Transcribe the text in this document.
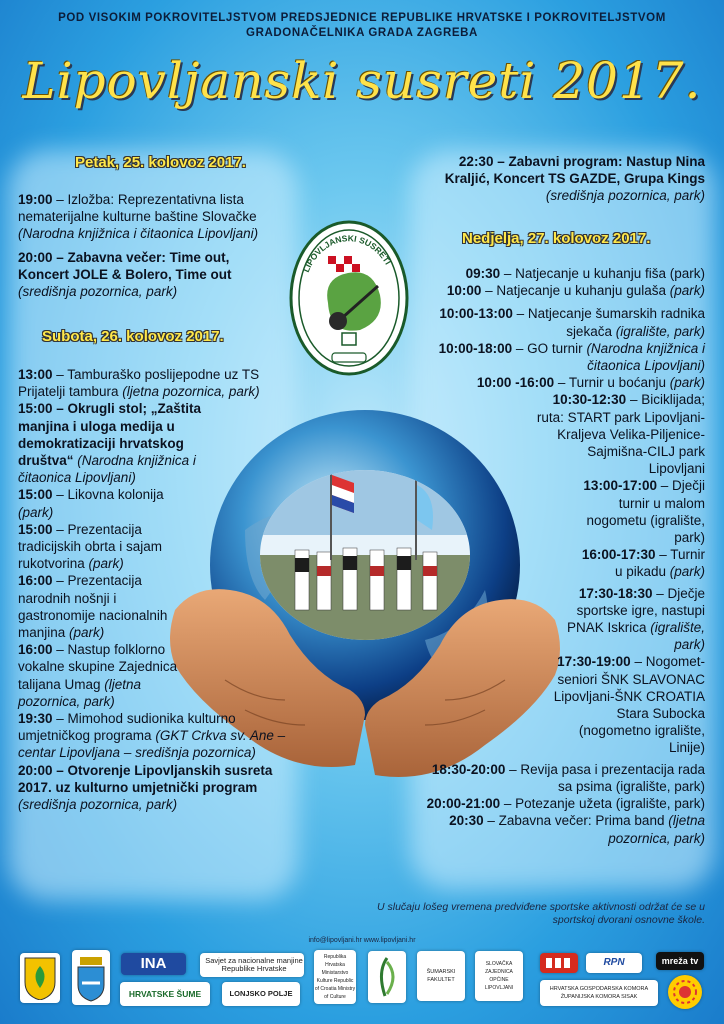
POD VISOKIM POKROVITELJSTVOM PREDSJEDNICE REPUBLIKE HRVATSKE I POKROVITELJSTVOM
GRADONAČELNIKA GRADA ZAGREBA
Lipovljanski susreti 2017.
LIPOVLJANSKI SUSRETI
Petak, 25. kolovoz 2017.

19:00 – Izložba: Reprezentativna lista nematerijalne kulturne baštine Slovačke (Narodna knjižnica i čitaonica Lipovljani)

20:00 – Zabavna večer: Time out, Koncert JOLE & Bolero, Time out (središnja pozornica, park)

Subota, 26. kolovoz 2017.

13:00 – Tamburaško poslijepodne uz TS Prijatelji tambura (ljetna pozornica, park)

15:00 – Okrugli stol; „Zaštita manjina i uloga medija u demokratizaciji hrvatskog društva“ (Narodna knjižnica i čitaonica Lipovljani)

15:00 – Likovna kolonija (park)

15:00 – Prezentacija tradicijskih obrta i sajam rukotvorina (park)

16:00 – Prezentacija narodnih nošnji i gastronomije nacionalnih manjina (park)

16:00 – Nastup folklorno vokalne skupine Zajednica talijana Umag (ljetna pozornica, park)

19:30 – Mimohod sudionika kulturno umjetničkog programa (GKT Crkva sv. Ane – centar Lipovljana – središnja pozornica)

20:00 – Otvorenje Lipovljanskih susreta 2017. uz kulturno umjetnički program (središnja pozornica, park)

22:30 – Zabavni program: Nastup Nina Kraljić, Koncert TS GAZDE, Grupa Kings

(središnja pozornica, park)

Nedjelja, 27. kolovoz 2017.

09:30 – Natjecanje u kuhanju fiša (park)

10:00 – Natjecanje u kuhanju gulaša (park)

10:00-13:00 – Natjecanje šumarskih radnika sjekača (igralište, park)

10:00-18:00 – GO turnir (Narodna knjižnica i čitaonica Lipovljani)

10:00 -16:00 – Turnir u boćanju (park)

10:30-12:30 – Biciklijada; ruta: START park Lipovljani-Kraljeva Velika-Piljenice-Sajmišna-CILJ park Lipovljani

13:00-17:00 – Dječji turnir u malom nogometu (igralište, park)

16:00-17:30 – Turnir u pikadu (park)

17:30-18:30 – Dječje sportske igre, nastupi PNAK Iskrica (igralište, park)

17:30-19:00 – Nogomet-seniori ŠNK SLAVONAC Lipovljani-ŠNK CROATIA Stara Subocka (nogometno igralište, Linije)

18:30-20:00 – Revija pasa i prezentacija rada sa psima (igralište, park)

20:00-21:00 – Potezanje užeta (igralište, park)

20:30 – Zabavna večer: Prima band (ljetna pozornica, park)

U slučaju lošeg vremena predviđene sportske aktivnosti održat će se u sportskoj dvorani osnovne škole.
info@lipovljani.hr www.lipovljani.hr
INA	Savjet za nacionalne manjine Republike Hrvatske
Republika Hrvatska Ministarstvo Kulture Republic of Croatia Ministry of Culture
ŠUMARSKI FAKULTET
SLOVAČKA ZAJEDNICA OPĆINE LIPOVLJANI
RPN	mreža tv
HRVATSKE ŠUME	LONJSKO POLJE	HRVATSKA GOSPODARSKA KOMORA ŽUPANIJSKA KOMORA SISAK
